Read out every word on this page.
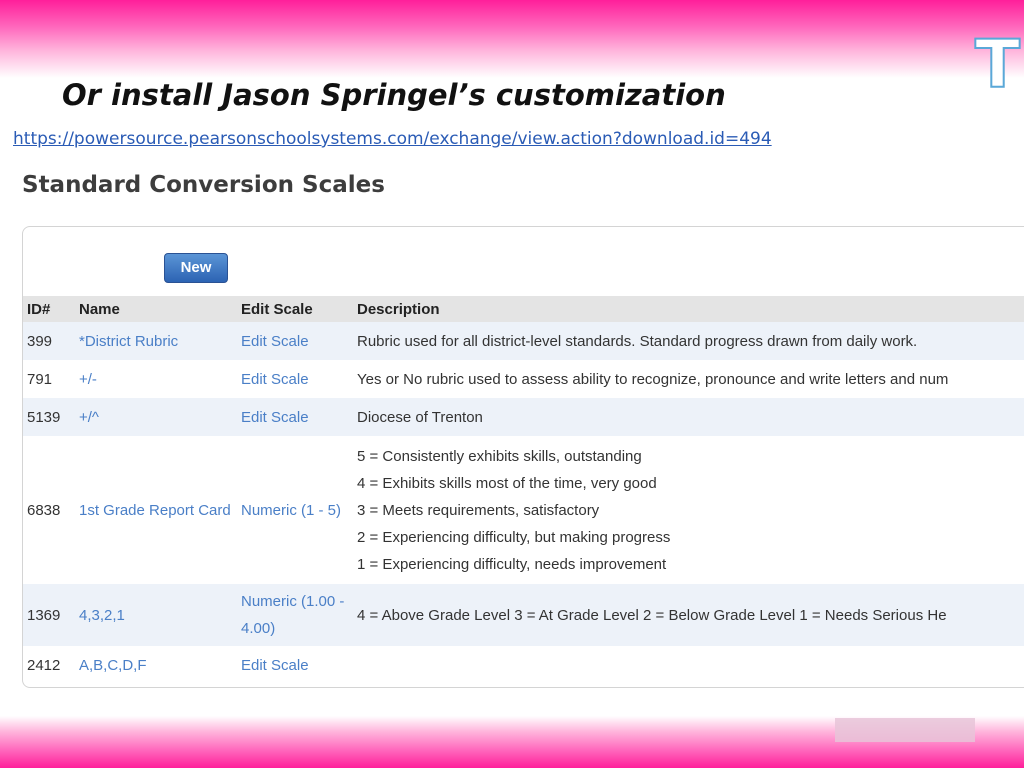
T
Or install Jason Springel’s customization
https://powersource.pearsonschoolsystems.com/exchange/view.action?download.id=494
Standard Conversion Scales
New
ID#	Name	Edit Scale	Description
399	*District Rubric	Edit Scale	Rubric used for all district-level standards. Standard progress drawn from daily work.
791	+/-	Edit Scale	Yes or No rubric used to assess ability to recognize, pronounce and write letters and num
5139	+/^	Edit Scale	Diocese of Trenton
6838	1st Grade Report Card	Numeric (1 - 5)	5 = Consistently exhibits skills, outstanding
4 = Exhibits skills most of the time, very good
3 = Meets requirements, satisfactory
2 = Experiencing difficulty, but making progress
1 = Experiencing difficulty, needs improvement

1369	4,3,2,1	Numeric (1.00 - 4.00)	4 = Above Grade Level 3 = At Grade Level 2 = Below Grade Level 1 = Needs Serious He
2412	A,B,C,D,F	Edit Scale	
